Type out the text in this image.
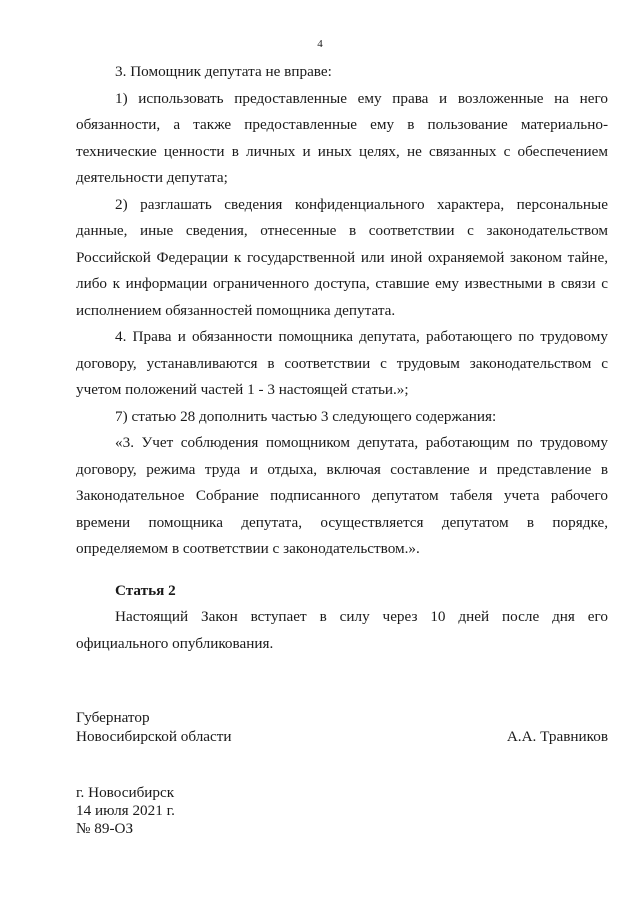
4

3. Помощник депутата не вправе:

1) использовать предоставленные ему права и возложенные на него обязанности, а также предоставленные ему в пользование материально-технические ценности в личных и иных целях, не связанных с обеспечением деятельности депутата;

2) разглашать сведения конфиденциального характера, персональные данные, иные сведения, отнесенные в соответствии с законодательством Российской Федерации к государственной или иной охраняемой законом тайне, либо к информации ограниченного доступа, ставшие ему известными в связи с исполнением обязанностей помощника депутата.

4. Права и обязанности помощника депутата, работающего по трудовому договору, устанавливаются в соответствии с трудовым законодательством с учетом положений частей 1 - 3 настоящей статьи.»;

7) статью 28 дополнить частью 3 следующего содержания:

«3. Учет соблюдения помощником депутата, работающим по трудовому договору, режима труда и отдыха, включая составление и представление в Законодательное Собрание подписанного депутатом табеля учета рабочего времени помощника депутата, осуществляется депутатом в порядке, определяемом в соответствии с законодательством.».

Статья 2

Настоящий Закон вступает в силу через 10 дней после дня его официального опубликования.

Губернатор
Новосибирской области	А.А. Травников
г. Новосибирск
14 июля 2021 г.
№ 89-ОЗ
